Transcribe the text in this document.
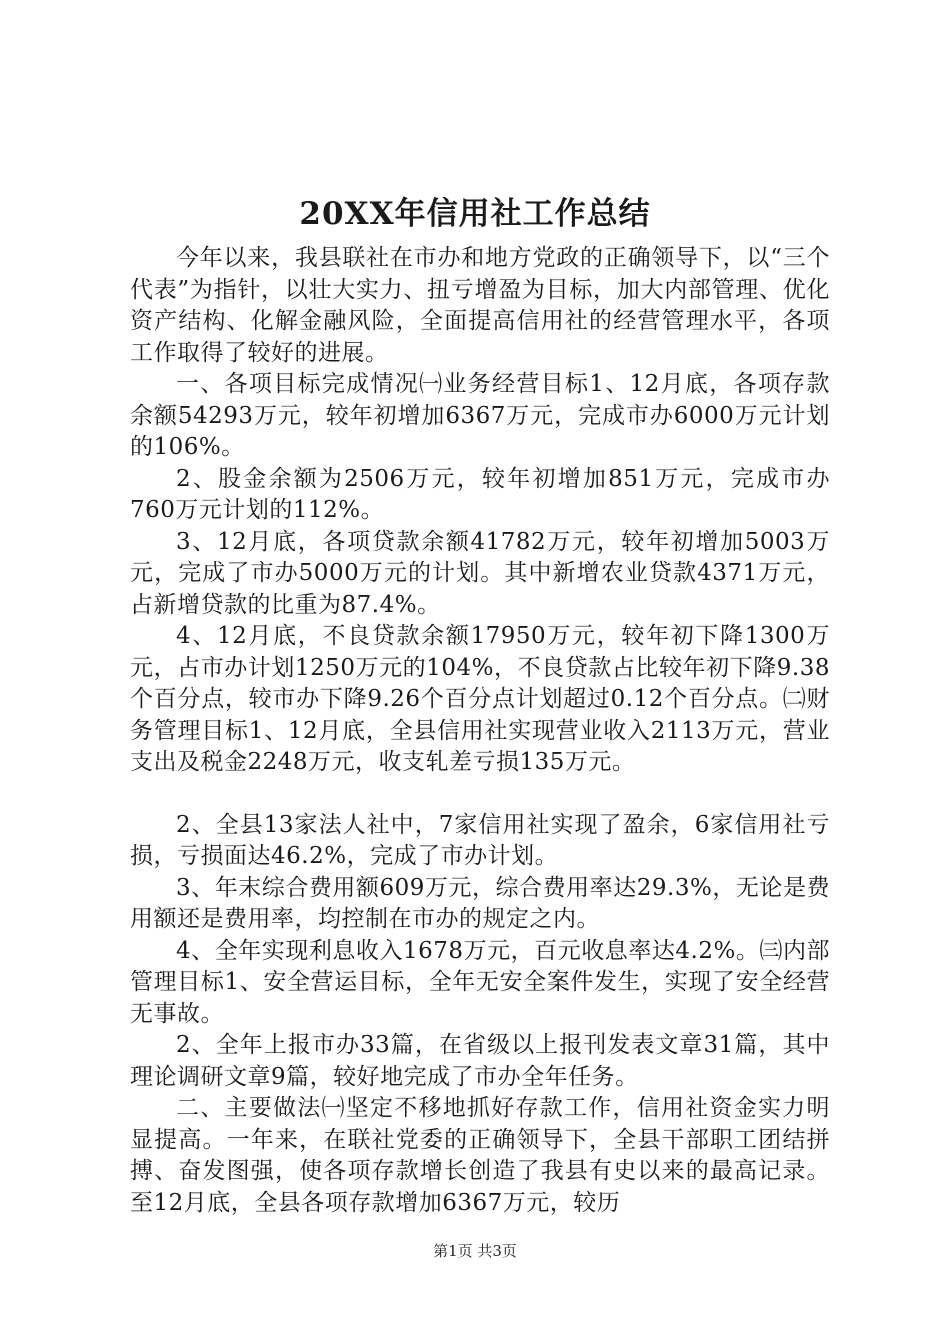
20XX年信用社工作总结

今年以来，我县联社在市办和地方党政的正确领导下，以“三个代表”为指针，以壮大实力、扭亏增盈为目标，加大内部管理、优化资产结构、化解金融风险，全面提高信用社的经营管理水平，各项工作取得了较好的进展。

一、各项目标完成情况㈠业务经营目标1、12月底，各项存款余额54293万元，较年初增加6367万元，完成市办6000万元计划的106%。

2、股金余额为2506万元，较年初增加851万元，完成市办760万元计划的112%。

3、12月底，各项贷款余额41782万元，较年初增加5003万元，完成了市办5000万元的计划。其中新增农业贷款4371万元，占新增贷款的比重为87.4%。

4、12月底，不良贷款余额17950万元，较年初下降1300万元，占市办计划1250万元的104%，不良贷款占比较年初下降9.38个百分点，较市办下降9.26个百分点计划超过0.12个百分点。㈡财务管理目标1、12月底，全县信用社实现营业收入2113万元，营业支出及税金2248万元，收支轧差亏损135万元。

2、全县13家法人社中，7家信用社实现了盈余，6家信用社亏损，亏损面达46.2%，完成了市办计划。

3、年末综合费用额609万元，综合费用率达29.3%，无论是费用额还是费用率，均控制在市办的规定之内。

4、全年实现利息收入1678万元，百元收息率达4.2%。㈢内部管理目标1、安全营运目标，全年无安全案件发生，实现了安全经营无事故。

2、全年上报市办33篇，在省级以上报刊发表文章31篇，其中理论调研文章9篇，较好地完成了市办全年任务。

二、主要做法㈠坚定不移地抓好存款工作，信用社资金实力明显提高。一年来，在联社党委的正确领导下，全县干部职工团结拼搏、奋发图强，使各项存款增长创造了我县有史以来的最高记录。至12月底，全县各项存款增加6367万元，较历

第1页 共3页
